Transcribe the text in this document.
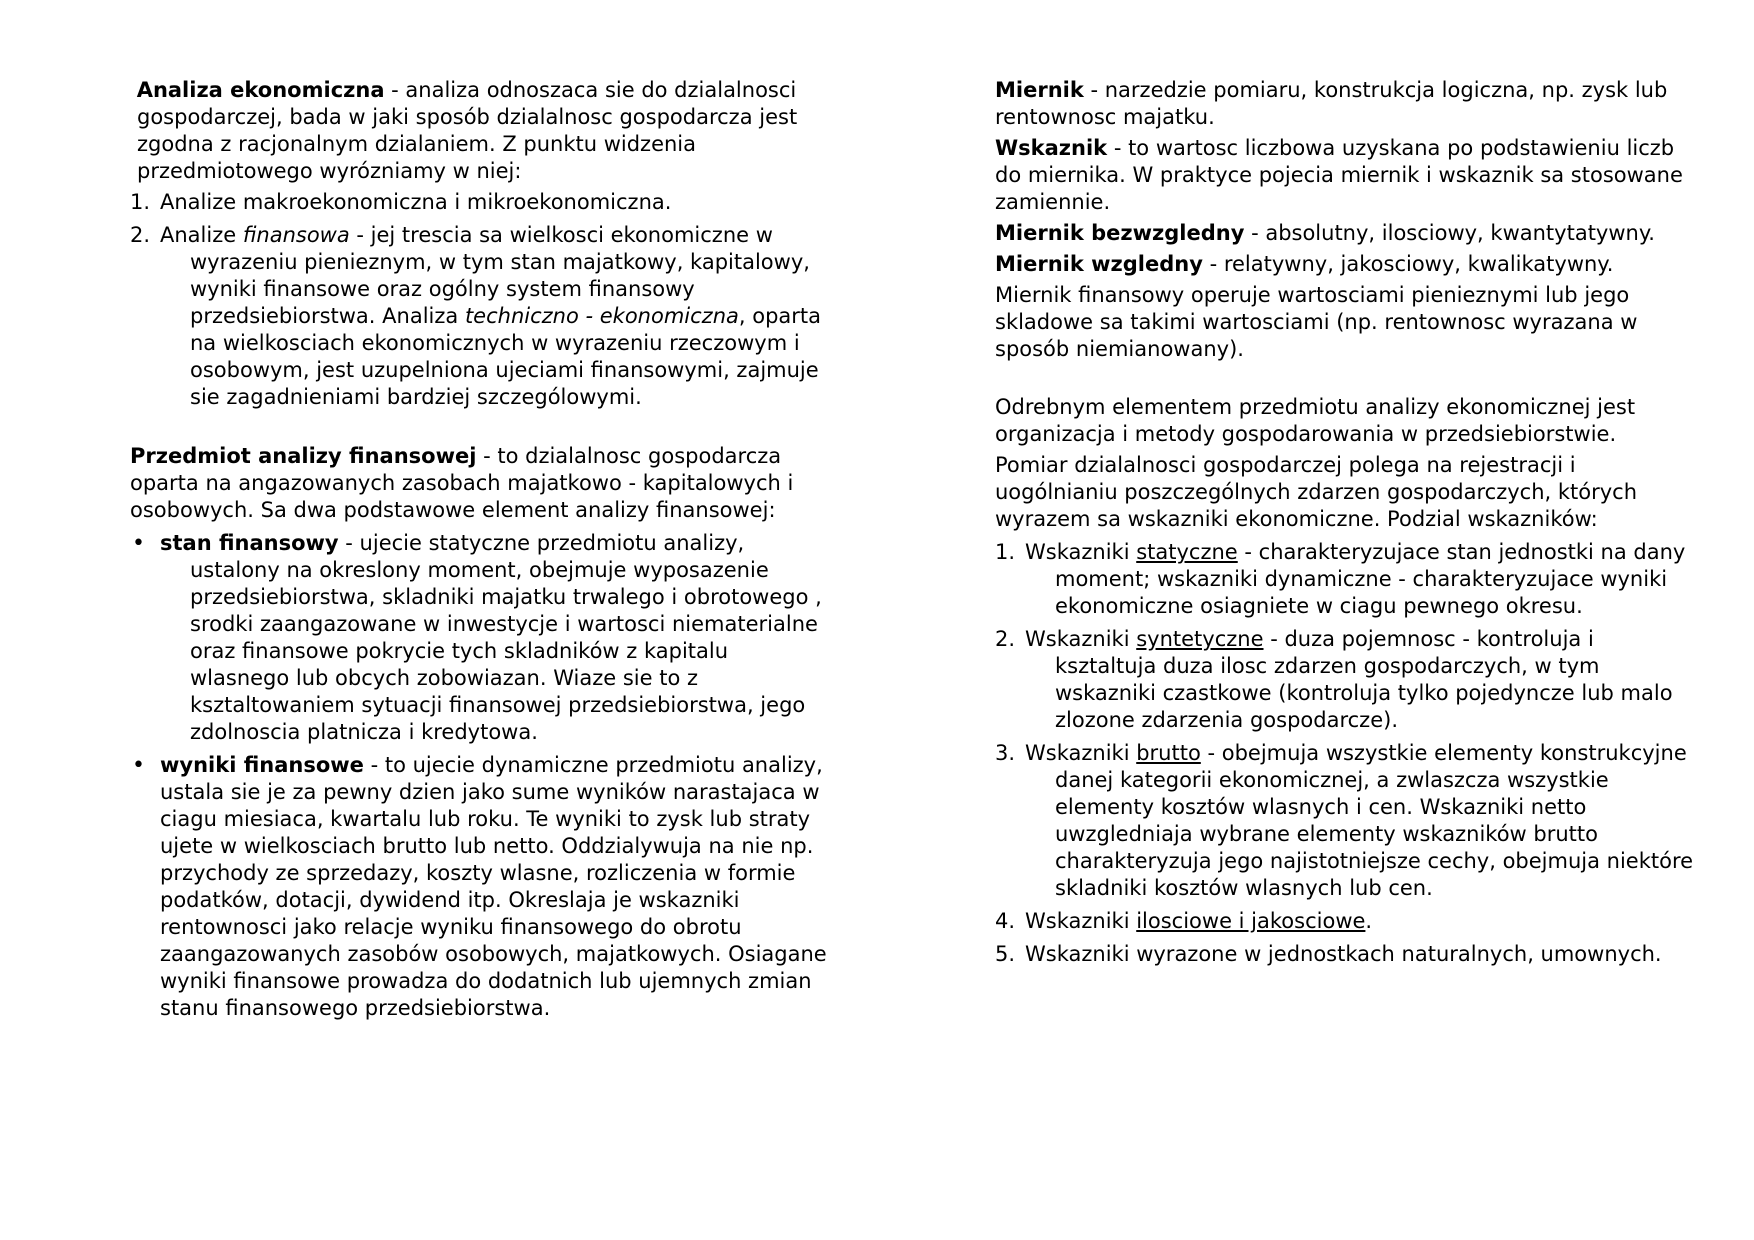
Analiza ekonomiczna - analiza odnoszaca sie do dzialalnosci gospodarczej, bada w jaki sposób dzialalnosc gospodarcza jest zgodna z racjonalnym dzialaniem. Z punktu widzenia przedmiotowego wyrózniamy w niej:

1. Analize makroekonomiczna i mikroekonomiczna.
2. Analize finansowa - jej trescia sa wielkosci ekonomiczne w wyrazeniu pienieznym, w tym stan majatkowy, kapitalowy, wyniki finansowe oraz ogólny system finansowy przedsiebiorstwa. Analiza techniczno - ekonomiczna, oparta na wielkosciach ekonomicznych w wyrazeniu rzeczowym i osobowym, jest uzupelniona ujeciami finansowymi, zajmuje sie zagadnieniami bardziej szczególowymi.

Przedmiot analizy finansowej - to dzialalnosc gospodarcza oparta na angazowanych zasobach majatkowo - kapitalowych i osobowych. Sa dwa podstawowe element analizy finansowej:

• stan finansowy - ujecie statyczne przedmiotu analizy, ustalony na okreslony moment, obejmuje wyposazenie przedsiebiorstwa, skladniki majatku trwalego i obrotowego , srodki zaangazowane w inwestycje i wartosci niematerialne oraz finansowe pokrycie tych skladników z kapitalu wlasnego lub obcych zobowiazan. Wiaze sie to z ksztaltowaniem sytuacji finansowej przedsiebiorstwa, jego zdolnoscia platnicza i kredytowa.
• wyniki finansowe - to ujecie dynamiczne przedmiotu analizy, ustala sie je za pewny dzien jako sume wyników narastajaca w ciagu miesiaca, kwartalu lub roku. Te wyniki to zysk lub straty ujete w wielkosciach brutto lub netto. Oddzialywuja na nie np. przychody ze sprzedazy, koszty wlasne, rozliczenia w formie podatków, dotacji, dywidend itp. Okreslaja je wskazniki rentownosci jako relacje wyniku finansowego do obrotu zaangazowanych zasobów osobowych, majatkowych. Osiagane wyniki finansowe prowadza do dodatnich lub ujemnych zmian stanu finansowego przedsiebiorstwa.

Miernik - narzedzie pomiaru, konstrukcja logiczna, np. zysk lub rentownosc majatku.

Wskaznik - to wartosc liczbowa uzyskana po podstawieniu liczb do miernika. W praktyce pojecia miernik i wskaznik sa stosowane zamiennie.

Miernik bezwzgledny - absolutny, ilosciowy, kwantytatywny.

Miernik wzgledny - relatywny, jakosciowy, kwalikatywny.

Miernik finansowy operuje wartosciami pienieznymi lub jego skladowe sa takimi wartosciami (np. rentownosc wyrazana w sposób niemianowany).

Odrebnym elementem przedmiotu analizy ekonomicznej jest organizacja i metody gospodarowania w przedsiebiorstwie.

Pomiar dzialalnosci gospodarczej polega na rejestracji i uogólnianiu poszczególnych zdarzen gospodarczych, których wyrazem sa wskazniki ekonomiczne. Podzial wskazników:

1. Wskazniki statyczne - charakteryzujace stan jednostki na dany moment; wskazniki dynamiczne - charakteryzujace wyniki ekonomiczne osiagniete w ciagu pewnego okresu.
2. Wskazniki syntetyczne - duza pojemnosc - kontroluja i ksztaltuja duza ilosc zdarzen gospodarczych, w tym wskazniki czastkowe (kontroluja tylko pojedyncze lub malo zlozone zdarzenia gospodarcze).
3. Wskazniki brutto - obejmuja wszystkie elementy konstrukcyjne danej kategorii ekonomicznej, a zwlaszcza wszystkie elementy kosztów wlasnych i cen. Wskazniki netto uwzgledniaja wybrane elementy wskazników brutto charakteryzuja jego najistotniejsze cechy, obejmuja niektóre skladniki kosztów wlasnych lub cen.
4. Wskazniki ilosciowe i jakosciowe.
5. Wskazniki wyrazone w jednostkach naturalnych, umownych.
